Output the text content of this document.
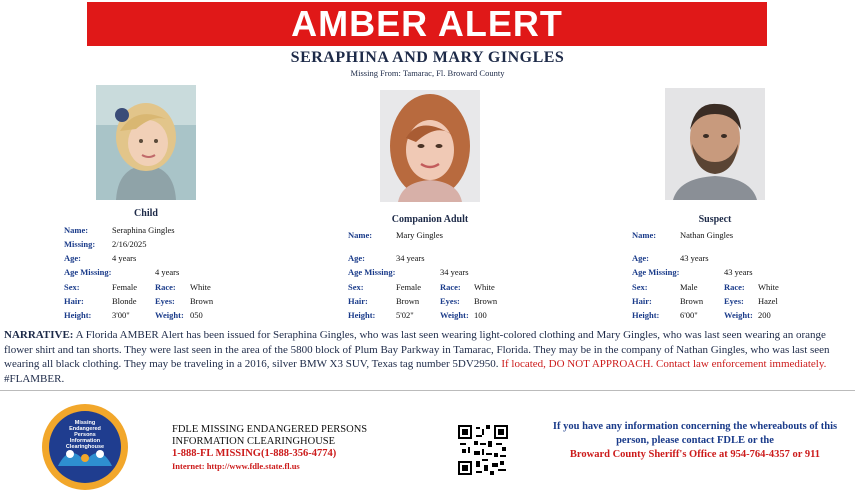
AMBER ALERT
SERAPHINA AND MARY GINGLES
Missing From: Tamarac, Fl. Broward County
Child
Name:	Seraphina Gingles
Missing: 2/16/2025
Age:	4 years
Age Missing:	4 years
Sex:	Female Race: White
Hair:	Blonde Eyes: Brown
Height: 3'00"	Weight: 050
Companion Adult
Name:	Mary Gingles
Age:	34 years
Age Missing:	34 years
Sex:	Female Race: White
Hair:	Brown Eyes: Brown
Height: 5'02"	Weight: 100
Suspect
Name:	Nathan Gingles
Age:	43 years
Age Missing:	43 years
Sex:	Male	Race: White
Hair:	Brown Eyes: Hazel
Height: 6'00"	Weight: 200
NARRATIVE: A Florida AMBER Alert has been issued for Seraphina Gingles, who was last seen wearing light-colored clothing and Mary Gingles, who was last seen wearing an orange flower shirt and tan shorts. They were last seen in the area of the 5800 block of Plum Bay Parkway in Tamarac, Florida. They may be in the company of Nathan Gingles, who was last seen wearing all black clothing. They may be traveling in a 2016, silver BMW X3 SUV, Texas tag number 5DV2950. If located, DO NOT APPROACH. Contact law enforcement immediately. #FLAMBER.
Missing
Endangered
Persons
Information
Clearinghouse
FDLE MISSING ENDANGERED PERSONS
INFORMATION CLEARINGHOUSE
1-888-FL MISSING(1-888-356-4774)
Internet: http://www.fdle.state.fl.us
If you have any information concerning the whereabouts of this
person, please contact FDLE or the
Broward County Sheriff's Office at 954-764-4357 or 911
